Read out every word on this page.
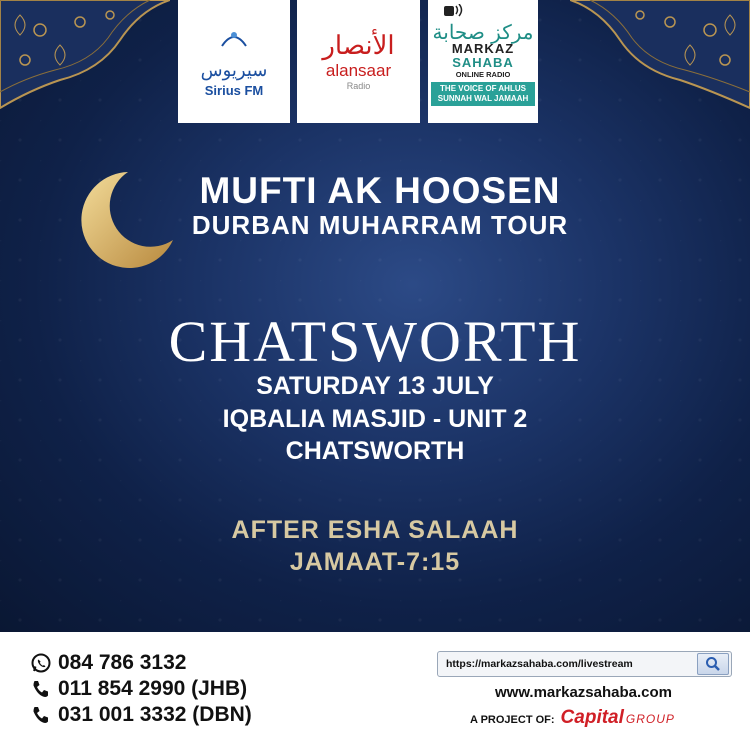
سيريوس
Sirius FM
الأنصار
alansaar
Radio
مركز صحابة
MARKAZ
SAHABA
ONLINE RADIO
THE VOICE OF AHLUS
SUNNAH WAL JAMAAH
MUFTI AK HOOSEN
DURBAN MUHARRAM TOUR
CHATSWORTH
SATURDAY 13 JULY
IQBALIA MASJID - UNIT 2
CHATSWORTH
AFTER ESHA SALAAH
JAMAAT-7:15
084 786 3132
011 854 2990 (JHB)
031 001 3332 (DBN)
https://markazsahaba.com/livestream
www.markazsahaba.com
A PROJECT OF: Capital GROUP
